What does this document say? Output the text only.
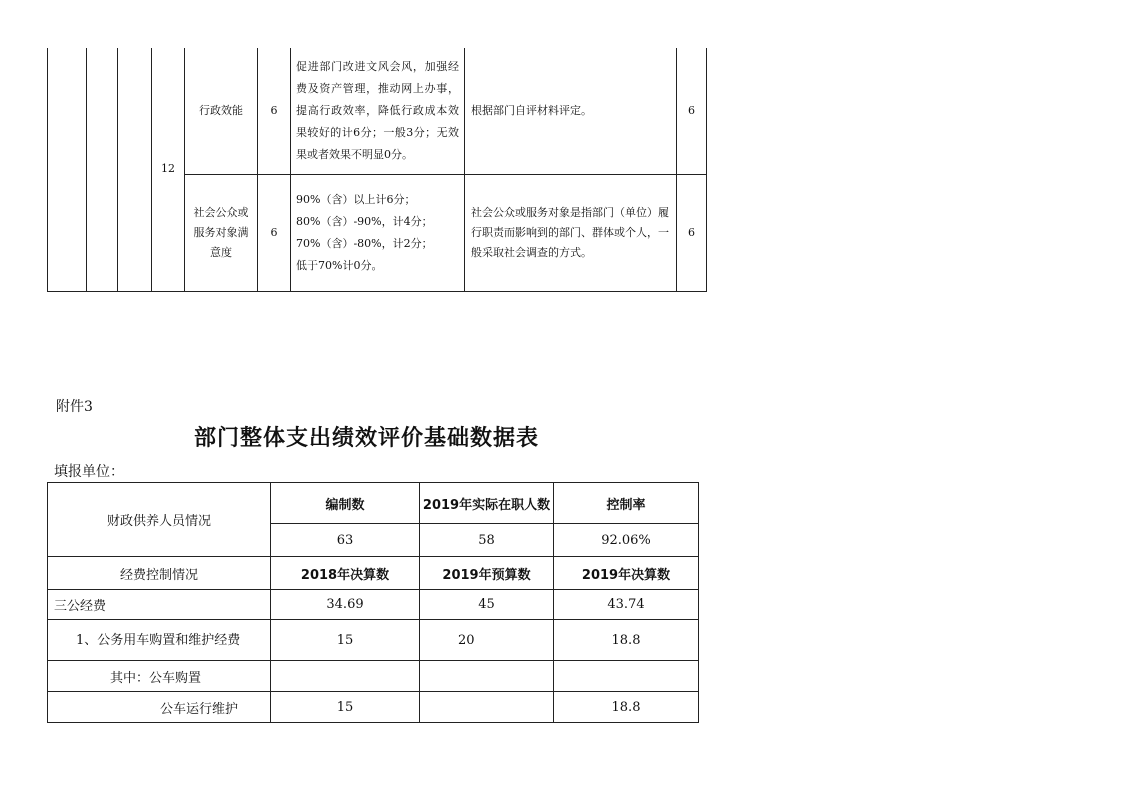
			12	行政效能	6	促进部门改进文风会风，加强经费及资产管理，推动网上办事，提高行政效率，降低行政成本效果较好的计6分；一般3分；无效果或者效果不明显0分。	根据部门自评材料评定。	6
				社会公众或服务对象满意度	6	90%（含）以上计6分；
80%（含）-90%，计4分；
70%（含）-80%，计2分；
低于70%计0分。	社会公众或服务对象是指部门（单位）履行职责而影响到的部门、群体或个人，一般采取社会调查的方式。	6
附件3
部门整体支出绩效评价基础数据表
填报单位：
财政供养人员情况	编制数	2019年实际在职人数	控制率
	63	58	92.06%
经费控制情况	2018年决算数	2019年预算数	2019年决算数
三公经费	34.69	45	43.74
1、公务用车购置和维护经费	15	20	18.8
其中：公车购置			
公车运行维护	15		18.8
